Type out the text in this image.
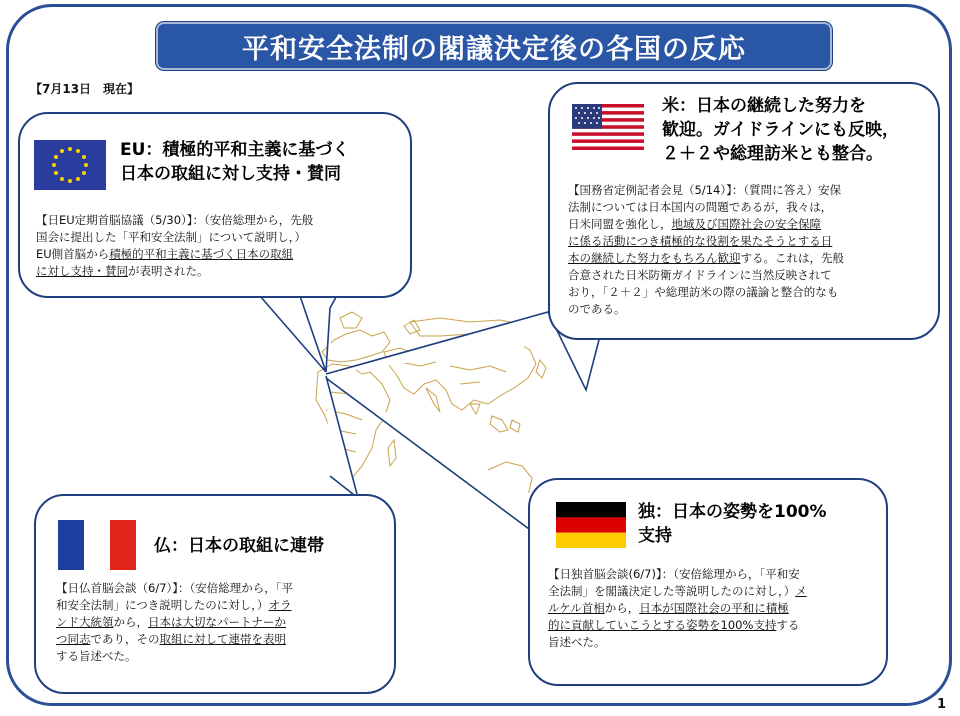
平和安全法制の閣議決定後の各国の反応
【7月13日　現在】
EU：積極的平和主義に基づく
日本の取組に対し支持・賛同
【日EU定期首脳協議（5/30）】：（安倍総理から，先般
国会に提出した「平和安全法制」について説明し，）
EU側首脳から積極的平和主義に基づく日本の取組
に対し支持・賛同が表明された。
米：日本の継続した努力を
歓迎。ガイドラインにも反映，
２＋２や総理訪米とも整合。
【国務省定例記者会見（5/14）】：（質問に答え）安保
法制については日本国内の問題であるが，我々は，
日米同盟を強化し，地域及び国際社会の安全保障
に係る活動につき積極的な役割を果たそうとする日
本の継続した努力をもちろん歓迎する。これは，先般
合意された日米防衛ガイドラインに当然反映されて
おり，「２＋２」や総理訪米の際の議論と整合的なも
のである。
仏：日本の取組に連帯
【日仏首脳会談（6/7）】：（安倍総理から，「平
和安全法制」につき説明したのに対し，）オラ
ンド大統領から，日本は大切なパートナーか
つ同志であり，その取組に対して連帯を表明
する旨述べた。
独：日本の姿勢を100%
支持
【日独首脳会談(6/7)】：（安倍総理から，「平和安
全法制」を閣議決定した等説明したのに対し，）メ
ルケル首相から，日本が国際社会の平和に積極
的に貢献していこうとする姿勢を100%支持する
旨述べた。
1
